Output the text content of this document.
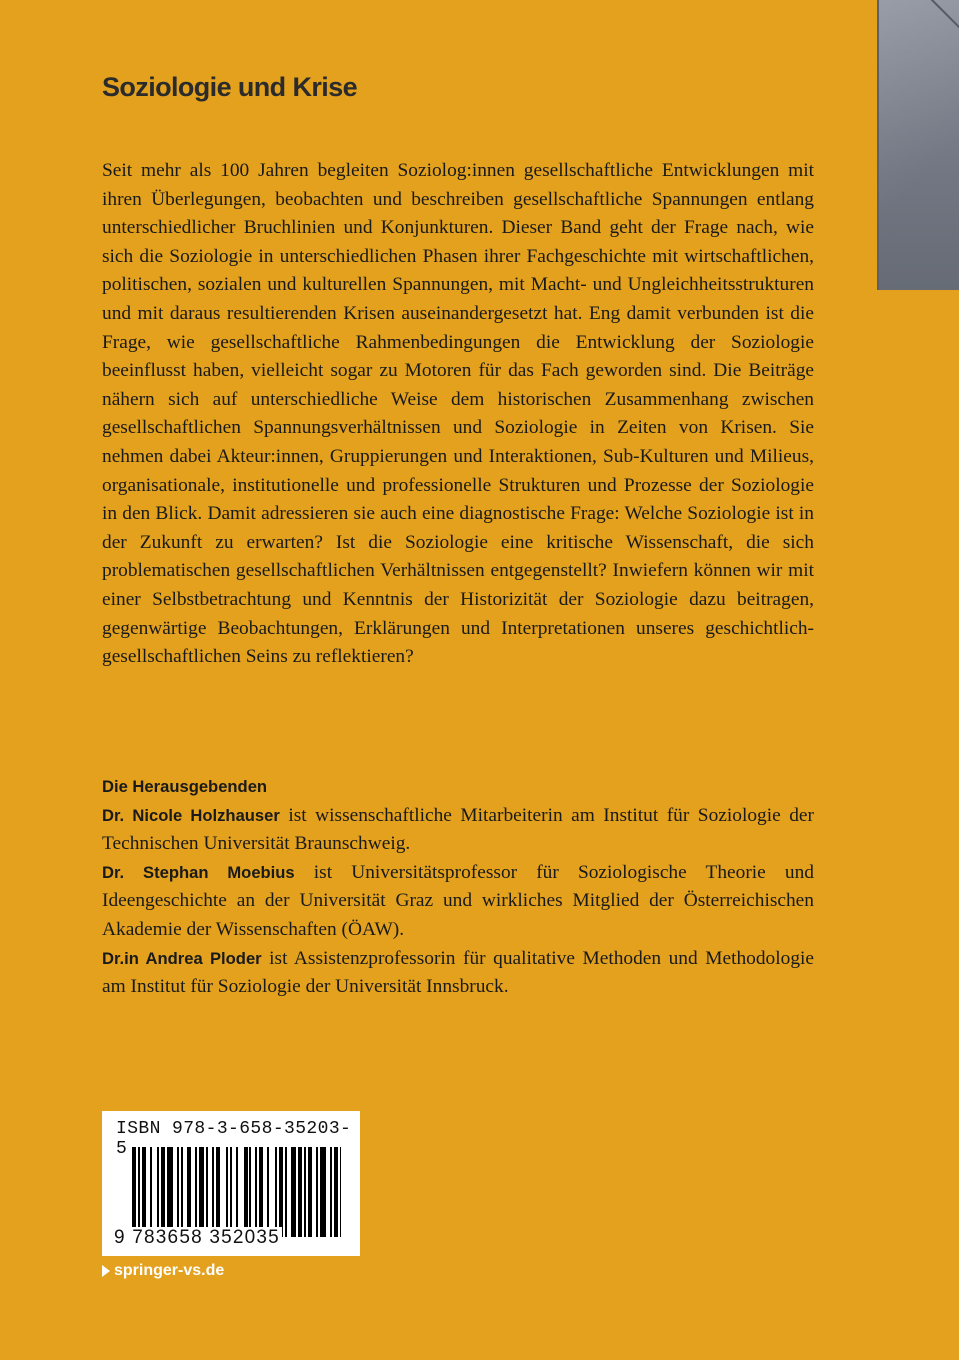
Soziologie und Krise

Seit mehr als 100 Jahren begleiten Soziolog:innen gesellschaftliche Entwicklungen mit ihren Überlegungen, beobachten und beschreiben gesellschaftliche Spannungen entlang unterschiedlicher Bruchlinien und Konjunkturen. Dieser Band geht der Frage nach, wie sich die Soziologie in unterschiedlichen Phasen ihrer Fachgeschichte mit wirtschaftlichen, politischen, sozialen und kulturellen Spannungen, mit Macht- und Ungleichheitsstrukturen und mit daraus resultierenden Krisen auseinandergesetzt hat. Eng damit verbunden ist die Frage, wie gesellschaftliche Rahmenbedingungen die Entwicklung der Soziologie beeinflusst haben, vielleicht sogar zu Motoren für das Fach geworden sind. Die Beiträge nähern sich auf unterschiedliche Weise dem historischen Zusammenhang zwischen gesellschaftlichen Spannungsverhältnissen und Soziologie in Zeiten von Krisen. Sie nehmen dabei Akteur:innen, Gruppierungen und Interaktionen, Sub-Kulturen und Milieus, organisationale, institutionelle und professionelle Strukturen und Prozesse der Soziologie in den Blick. Damit adressieren sie auch eine diagnostische Frage: Welche Soziologie ist in der Zukunft zu erwarten? Ist die Soziologie eine kritische Wissenschaft, die sich problematischen gesellschaftlichen Verhältnissen entgegenstellt? Inwiefern können wir mit einer Selbstbetrachtung und Kenntnis der Historizität der Soziologie dazu beitragen, gegenwärtige Beobachtungen, Erklärungen und Interpretationen unseres geschichtlich-gesellschaftlichen Seins zu reflektieren?

Die Herausgebenden

Dr. Nicole Holzhauser ist wissenschaftliche Mitarbeiterin am Institut für Soziologie der Technischen Universität Braunschweig.

Dr. Stephan Moebius ist Universitätsprofessor für Soziologische Theorie und Ideengeschichte an der Universität Graz und wirkliches Mitglied der Österreichischen Akademie der Wissenschaften (ÖAW).

Dr.in Andrea Ploder ist Assistenzprofessorin für qualitative Methoden und Methodologie am Institut für Soziologie der Universität Innsbruck.

ISBN 978-3-658-35203-5
9 783658 352035
springer-vs.de
